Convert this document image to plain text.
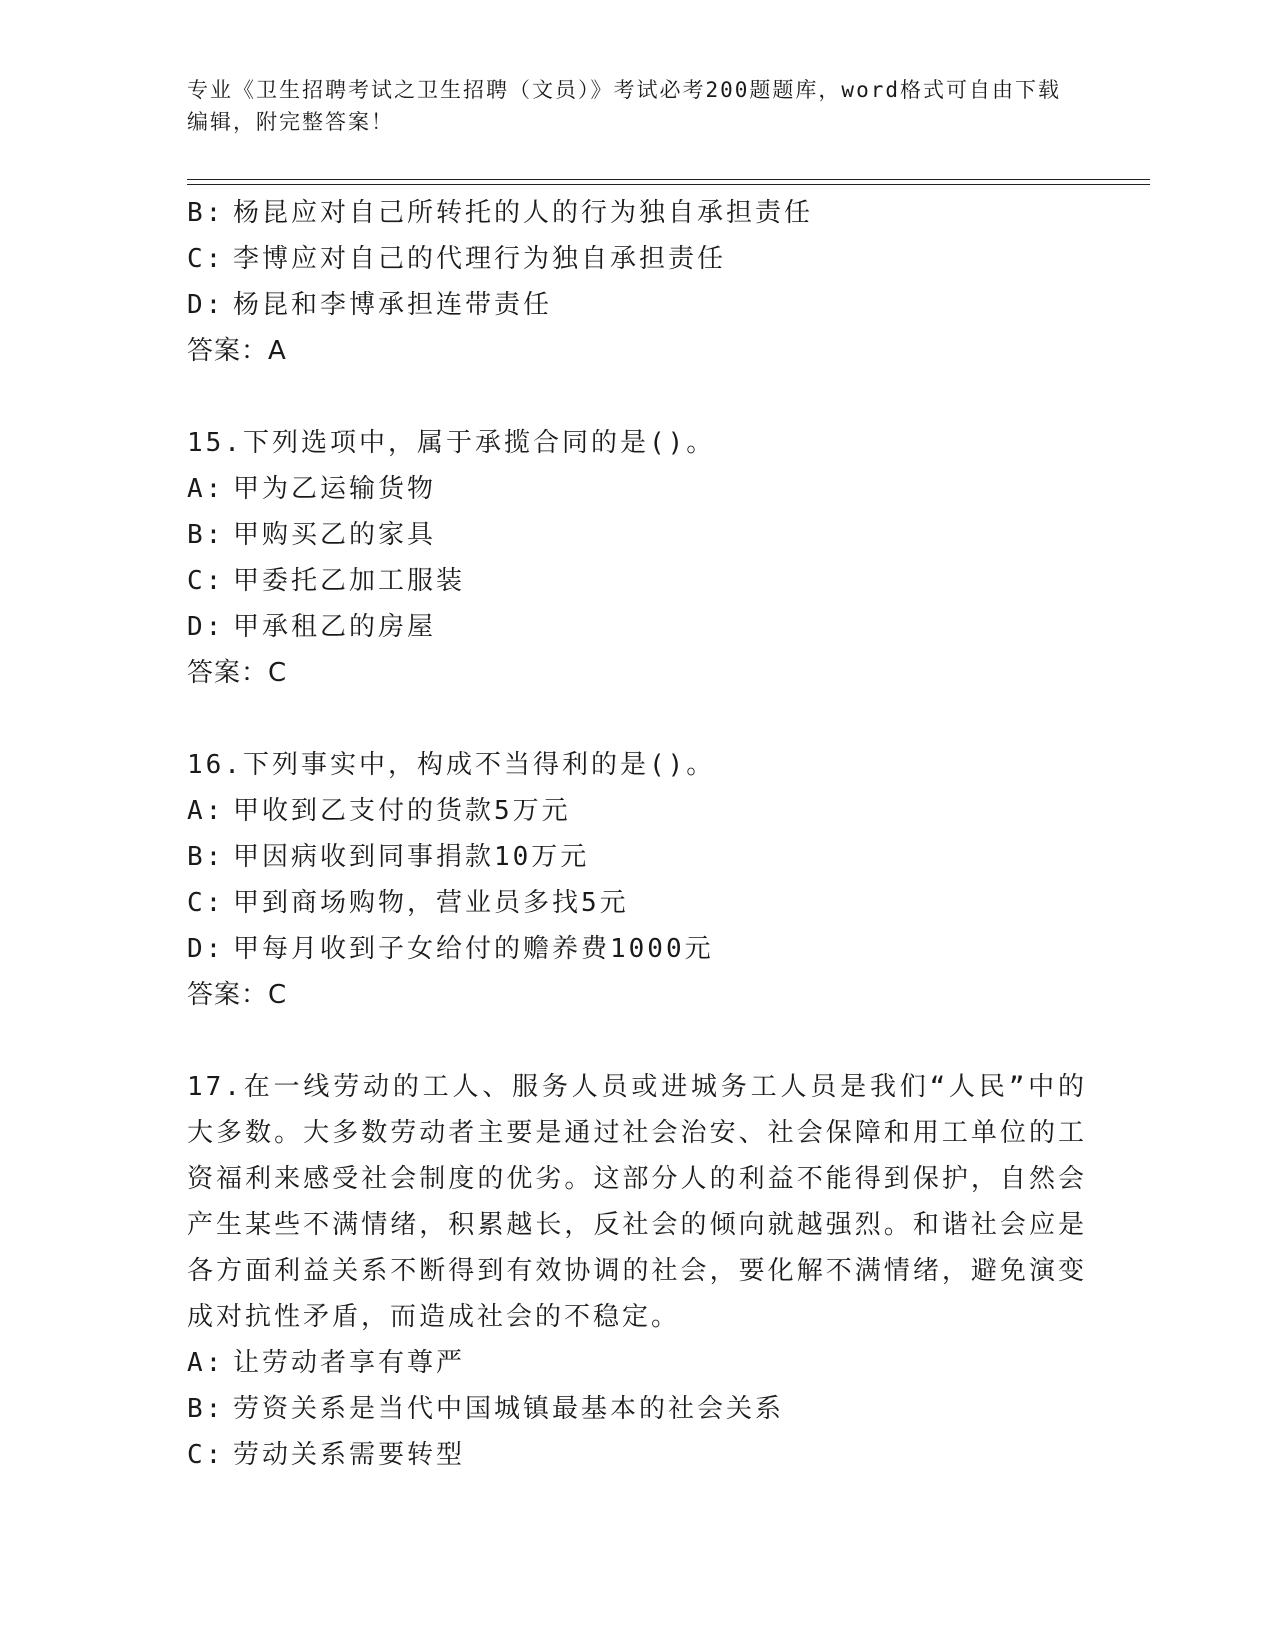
专业《卫生招聘考试之卫生招聘（文员）》考试必考200题题库，word格式可自由下载编辑，附完整答案！
B: 杨昆应对自己所转托的人的行为独自承担责任
C: 李博应对自己的代理行为独自承担责任
D: 杨昆和李博承担连带责任
答案：A
15.下列选项中，属于承揽合同的是()。
A: 甲为乙运输货物
B: 甲购买乙的家具
C: 甲委托乙加工服装
D: 甲承租乙的房屋
答案：C
16.下列事实中，构成不当得利的是()。
A: 甲收到乙支付的货款5万元
B: 甲因病收到同事捐款10万元
C: 甲到商场购物，营业员多找5元
D: 甲每月收到子女给付的赡养费1000元
答案：C
17.在一线劳动的工人、服务人员或进城务工人员是我们“人民”中的大多数。大多数劳动者主要是通过社会治安、社会保障和用工单位的工资福利来感受社会制度的优劣。这部分人的利益不能得到保护，自然会产生某些不满情绪，积累越长，反社会的倾向就越强烈。和谐社会应是各方面利益关系不断得到有效协调的社会，要化解不满情绪，避免演变成对抗性矛盾，而造成社会的不稳定。
A: 让劳动者享有尊严
B: 劳资关系是当代中国城镇最基本的社会关系
C: 劳动关系需要转型
